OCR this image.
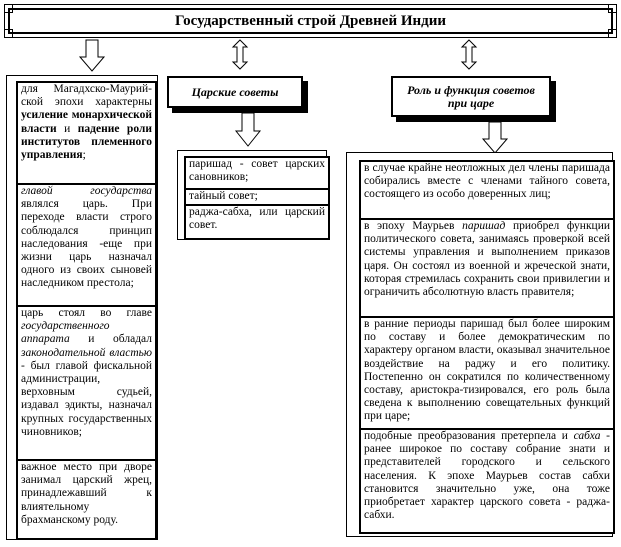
Государственный строй Древней Индии
Царские советы	Роль и функция советов при царе
для Магадхско-Маурий-ской эпохи характерны усиление монархической власти и падение роли институтов племенного управления;
главой государства являлся царь. При переходе власти строго соблюдался принцип наследования -еще при жизни царь назначал одного из своих сыновей наследником престола;
царь стоял во главе государственного аппарата и обладал законодательной властью - был главой фискальной администрации, верховным судьей, издавал эдикты, назначал крупных государственных чиновников;
важное место при дворе занимал царский жрец, принадлежавший к влиятельному брахманскому роду.
паришад - совет царских сановников;
тайный совет;
раджа-сабха, или царский совет.
в случае крайне неотложных дел члены паришада собирались вместе с членами тайного совета, состоящего из особо доверенных лиц;
в эпоху Маурьев паришад приобрел функции политического совета, занимаясь проверкой всей системы управления и выполнением приказов царя. Он состоял из военной и жреческой знати, которая стремилась сохранить свои привилегии и ограничить абсолютную власть правителя;
в ранние периоды паришад был более широким по составу и более демократическим по характеру органом власти, оказывал значительное воздействие на раджу и его политику. Постепенно он сократился по количественному составу, аристокра-тизировался, его роль была сведена к выполнению совещательных функций при царе;
подобные преобразования претерпела и сабха - ранее широкое по составу собрание знати и представителей городского и сельского населения. К эпохе Маурьев состав сабхи становится значительно уже, она тоже приобретает характер царского совета - раджа-сабхи.
